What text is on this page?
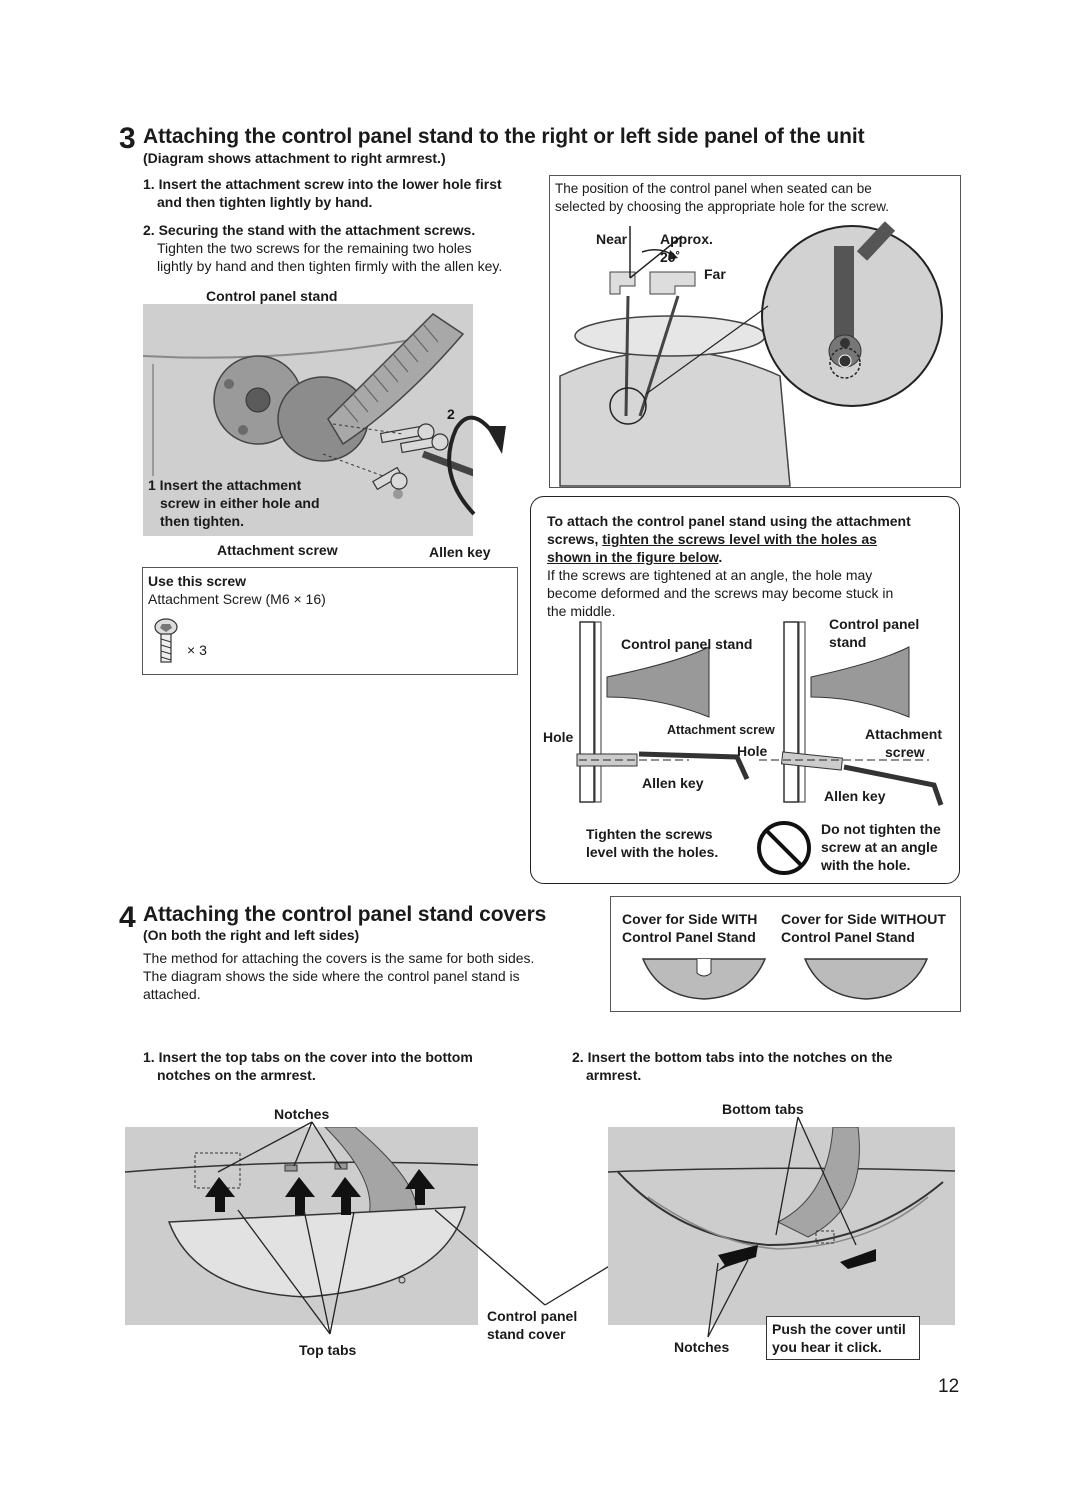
3 Attaching the control panel stand to the right or left side panel of the unit
(Diagram shows attachment to right armrest.)
1. Insert the attachment screw into the lower hole first
and then tighten lightly by hand.
2. Securing the stand with the attachment screws.
Tighten the two screws for the remaining two holes
lightly by hand and then tighten firmly with the allen key.
Control panel stand
2
1 Insert the attachment
screw in either hole and
then tighten.
Attachment screw	Allen key
Use this screw
Attachment Screw (M6 × 16)
× 3
The position of the control panel when seated can be
selected by choosing the appropriate hole for the screw.
Near Approx.
20˚
Far
To attach the control panel stand using the attachment
screws, tighten the screws level with the holes as
shown in the figure below.
If the screws are tightened at an angle, the hole may
become deformed and the screws may become stuck in
the middle.
Control panel stand
Control panel
stand
Hole	Attachment screw
Hole
Attachment
screw
Allen key
Allen key
Tighten the screws
level with the holes.
Do not tighten the
screw at an angle
with the hole.
4 Attaching the control panel stand covers
(On both the right and left sides)
The method for attaching the covers is the same for both sides.
The diagram shows the side where the control panel stand is
attached.
Cover for Side WITH
Control Panel Stand
Cover for Side WITHOUT
Control Panel Stand
1. Insert the top tabs on the cover into the bottom
notches on the armrest.
2. Insert the bottom tabs into the notches on the
armrest.
Notches	Bottom tabs
Top tabs
Control panel
stand cover
Notches
Push the cover until
you hear it click.
12
